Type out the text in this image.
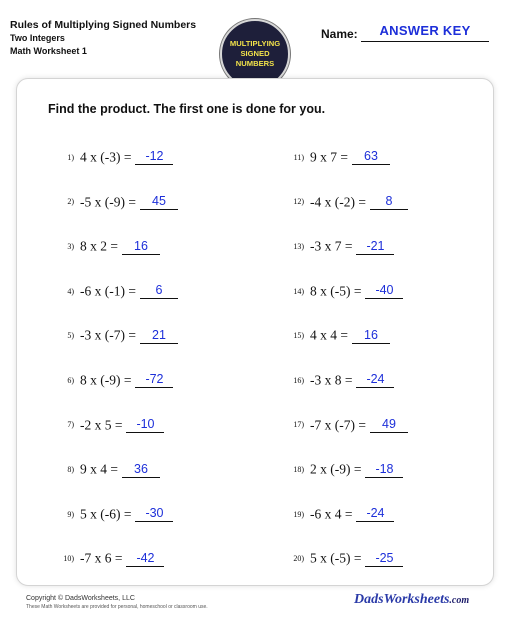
Rules of Multiplying Signed Numbers
Two Integers
Math Worksheet 1
MULTIPLYING
SIGNED
NUMBERS
Name:	ANSWER KEY
Find the product. The first one is done for you.
1) 4 x (-3) = -12
2) -5 x (-9) = 45
3) 8 x 2 = 16
4) -6 x (-1) = 6
5) -3 x (-7) = 21
6) 8 x (-9) = -72
7) -2 x 5 = -10
8) 9 x 4 = 36
9) 5 x (-6) = -30
10) -7 x 6 = -42
11) 9 x 7 = 63
12) -4 x (-2) = 8
13) -3 x 7 = -21
14) 8 x (-5) = -40
15) 4 x 4 = 16
16) -3 x 8 = -24
17) -7 x (-7) = 49
18) 2 x (-9) = -18
19) -6 x 4 = -24
20) 5 x (-5) = -25
Copyright © DadsWorksheets, LLC
These Math Worksheets are provided for personal, homeschool or classroom use.	DadsWorksheets.com
